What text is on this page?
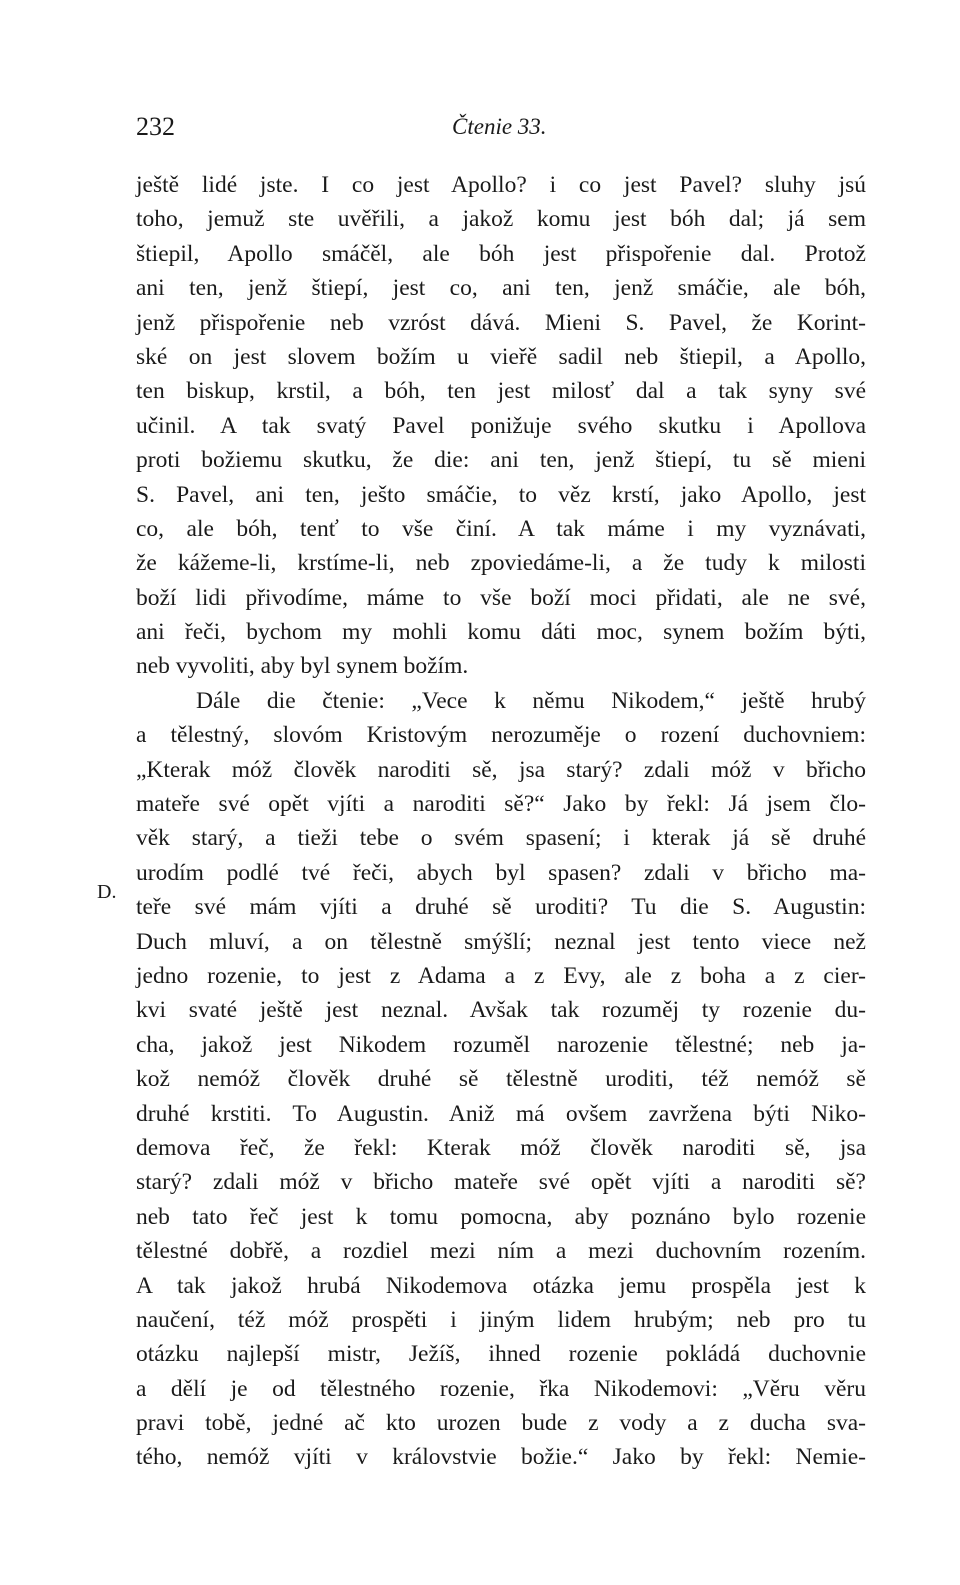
232	Čtenie 33.
D.
ještě lidé jste. I co jest Apollo? i co jest Pavel? sluhy jsú
toho, jemuž ste uvěřili, a jakož komu jest bóh dal; já sem
štiepil, Apollo smáčěl, ale bóh jest přispořenie dal. Protož
ani ten, jenž štiepí, jest co, ani ten, jenž smáčie, ale bóh,
jenž přispořenie neb vzróst dává. Mieni S. Pavel, že Korint-
ské on jest slovem božím u vieřě sadil neb štiepil, a Apollo,
ten biskup, krstil, a bóh, ten jest milosť dal a tak syny své
učinil. A tak svatý Pavel ponižuje svého skutku i Apollova
proti božiemu skutku, že die: ani ten, jenž štiepí, tu sě mieni
S. Pavel, ani ten, ješto smáčie, to věz krstí, jako Apollo, jest
co, ale bóh, tenť to vše činí. A tak máme i my vyznávati,
že kážeme-li, krstíme-li, neb zpoviedáme-li, a že tudy k milosti
boží lidi přivodíme, máme to vše boží moci přidati, ale ne své,
ani řeči, bychom my mohli komu dáti moc, synem božím býti,
neb vyvoliti, aby byl synem božím.
Dále die čtenie: „Vece k němu Nikodem,“ ještě hrubý
a tělestný, slovóm Kristovým nerozuměje o rození duchovniem:
„Kterak móž člověk naroditi sě, jsa starý? zdali móž v břicho
mateře své opět vjíti a naroditi sě?“ Jako by řekl: Já jsem člo-
věk starý, a tieži tebe o svém spasení; i kterak já sě druhé
urodím podlé tvé řeči, abych byl spasen? zdali v břicho ma-
teře své mám vjíti a druhé sě uroditi? Tu die S. Augustin:
Duch mluví, a on tělestně smýšlí; neznal jest tento viece než
jedno rozenie, to jest z Adama a z Evy, ale z boha a z cier-
kvi svaté ještě jest neznal. Avšak tak rozuměj ty rozenie du-
cha, jakož jest Nikodem rozuměl narozenie tělestné; neb ja-
kož nemóž člověk druhé sě tělestně uroditi, též nemóž sě
druhé krstiti. To Augustin. Aniž má ovšem zavržena býti Niko-
demova řeč, že řekl: Kterak móž člověk naroditi sě, jsa
starý? zdali móž v břicho mateře své opět vjíti a naroditi sě?
neb tato řeč jest k tomu pomocna, aby poznáno bylo rozenie
tělestné dobřě, a rozdiel mezi ním a mezi duchovním rozením.
A tak jakož hrubá Nikodemova otázka jemu prospěla jest k
naučení, též móž prospěti i jiným lidem hrubým; neb pro tu
otázku najlepší mistr, Ježíš, ihned rozenie pokládá duchovnie
a dělí je od tělestného rozenie, řka Nikodemovi: „Věru věru
pravi tobě, jedné ač kto urozen bude z vody a z ducha sva-
tého, nemóž vjíti v královstvie božie.“ Jako by řekl: Nemie-
